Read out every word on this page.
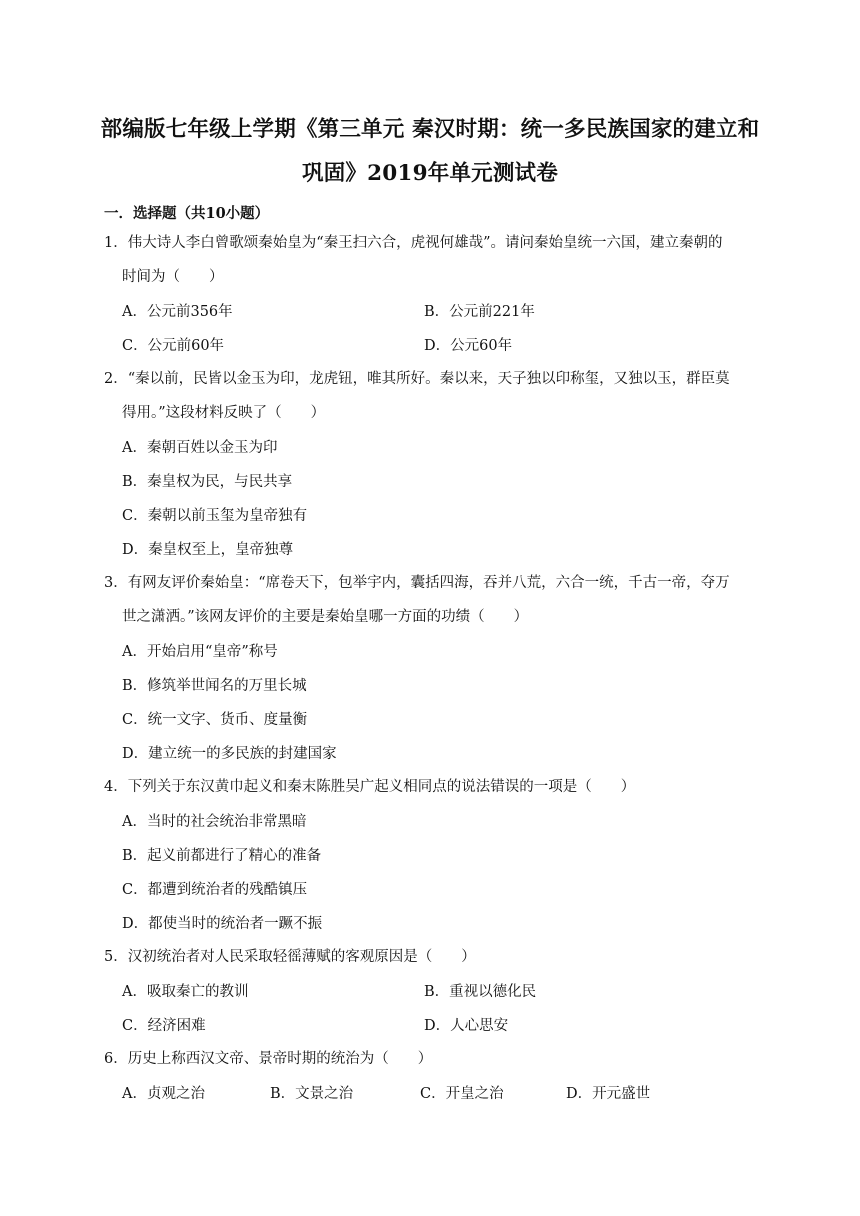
部编版七年级上学期《第三单元 秦汉时期：统一多民族国家的建立和
巩固》2019年单元测试卷
一．选择题（共10小题）
1．伟大诗人李白曾歌颂秦始皇为“秦王扫六合，虎视何雄哉”。请问秦始皇统一六国，建立秦朝的
时间为（　　）
A．公元前356年	B．公元前221年
C．公元前60年	D．公元60年
2．“秦以前，民皆以金玉为印，龙虎钮，唯其所好。秦以来，天子独以印称玺，又独以玉，群臣莫
得用。”这段材料反映了（　　）
A．秦朝百姓以金玉为印
B．秦皇权为民，与民共享
C．秦朝以前玉玺为皇帝独有
D．秦皇权至上，皇帝独尊
3．有网友评价秦始皇：“席卷天下，包举宇内，囊括四海，吞并八荒，六合一统，千古一帝，夺万
世之潇洒。”该网友评价的主要是秦始皇哪一方面的功绩（　　）
A．开始启用“皇帝”称号
B．修筑举世闻名的万里长城
C．统一文字、货币、度量衡
D．建立统一的多民族的封建国家
4．下列关于东汉黄巾起义和秦末陈胜吴广起义相同点的说法错误的一项是（　　）
A．当时的社会统治非常黑暗
B．起义前都进行了精心的准备
C．都遭到统治者的残酷镇压
D．都使当时的统治者一蹶不振
5．汉初统治者对人民采取轻徭薄赋的客观原因是（　　）
A．吸取秦亡的教训	B．重视以德化民
C．经济困难	D．人心思安
6．历史上称西汉文帝、景帝时期的统治为（　　）
A．贞观之治	B．文景之治	C．开皇之治	D．开元盛世
